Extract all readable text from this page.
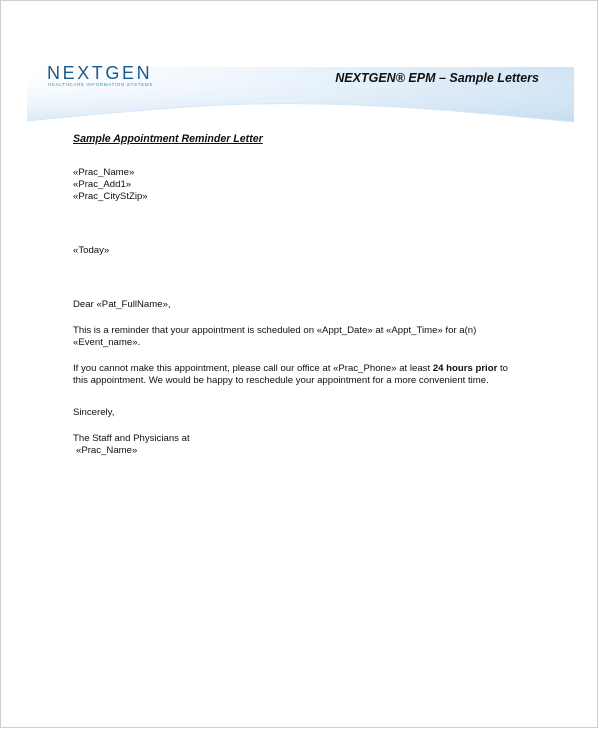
NEXTGEN
HEALTHCARE INFORMATION SYSTEMS	NEXTGEN® EPM – Sample Letters

Sample Appointment Reminder Letter

«Prac_Name»

«Prac_Add1»

«Prac_CityStZip»

«Today»

Dear «Pat_FullName»,

This is a reminder that your appointment is scheduled on «Appt_Date» at «Appt_Time» for a(n)

«Event_name».

If you cannot make this appointment, please call our office at «Prac_Phone» at least 24 hours prior to

this appointment. We would be happy to reschedule your appointment for a more convenient time.

Sincerely,

The Staff and Physicians at

«Prac_Name»
